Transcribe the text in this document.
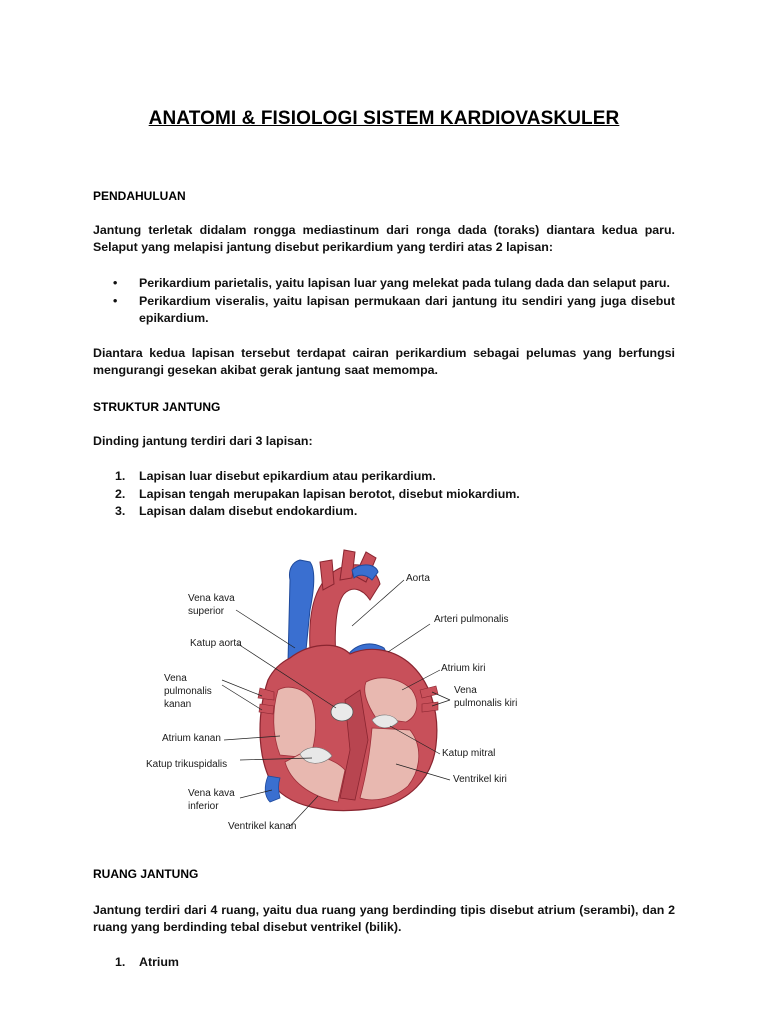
ANATOMI & FISIOLOGI SISTEM KARDIOVASKULER
PENDAHULUAN
Jantung terletak didalam rongga mediastinum dari ronga dada (toraks) diantara kedua paru. Selaput yang melapisi jantung disebut perikardium yang terdiri atas 2 lapisan:
• Perikardium parietalis, yaitu lapisan luar yang melekat pada tulang dada dan selaput paru.
• Perikardium viseralis, yaitu lapisan permukaan dari jantung itu sendiri yang juga disebut epikardium.
Diantara kedua lapisan tersebut terdapat cairan perikardium sebagai pelumas yang berfungsi mengurangi gesekan akibat gerak jantung saat memompa.
STRUKTUR JANTUNG
Dinding jantung terdiri dari 3 lapisan:
1. Lapisan luar disebut epikardium atau perikardium.
2. Lapisan tengah merupakan lapisan berotot, disebut miokardium.
3. Lapisan dalam disebut endokardium.
Aorta
Vena kava
superior
Arteri pulmonalis
Katup aorta
Atrium kiri
Vena
pulmonalis
kanan
Vena
pulmonalis kiri
Atrium kanan
Katup mitral
Katup trikuspidalis
Ventrikel kiri
Vena kava
inferior
Ventrikel kanan
RUANG JANTUNG
Jantung terdiri dari 4 ruang, yaitu dua ruang yang berdinding tipis disebut atrium (serambi), dan 2 ruang yang berdinding tebal disebut ventrikel (bilik).
1. Atrium
